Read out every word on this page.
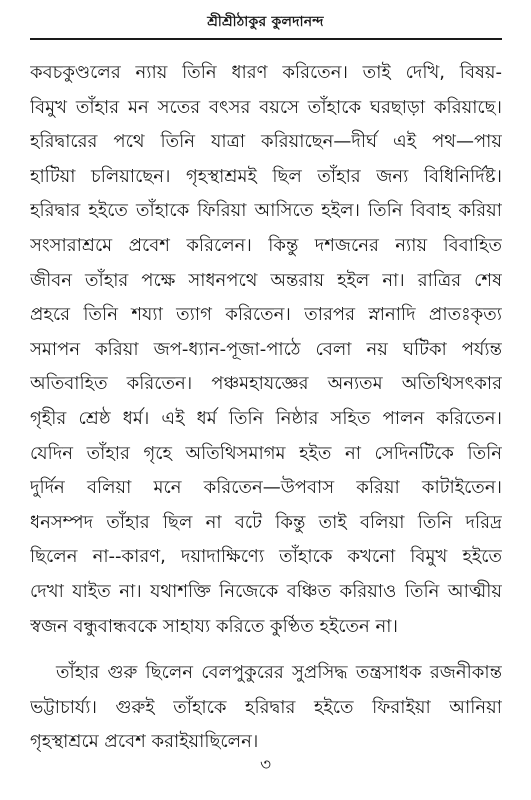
শ্রীশ্রীঠাকুর কুলদানন্দ
কবচকুণ্ডলের ন্যায় তিনি ধারণ করিতেন। তাই দেখি, বিষয়-
বিমুখ তাঁহার মন সতের বৎসর বয়সে তাঁহাকে ঘরছাড়া করিয়াছে।
হরিদ্বারের পথে তিনি যাত্রা করিয়াছেন—দীর্ঘ এই পথ—পায়
হাটিয়া চলিয়াছেন। গৃহস্থাশ্রমই ছিল তাঁহার জন্য বিধিনির্দিষ্ট।
হরিদ্বার হইতে তাঁহাকে ফিরিয়া আসিতে হইল। তিনি বিবাহ করিয়া
সংসারাশ্রমে প্রবেশ করিলেন। কিন্তু দশজনের ন্যায় বিবাহিত
জীবন তাঁহার পক্ষে সাধনপথে অন্তরায় হইল না। রাত্রির শেষ
প্রহরে তিনি শয্যা ত্যাগ করিতেন। তারপর স্নানাদি প্রাতঃকৃত্য
সমাপন করিয়া জপ-ধ্যান-পূজা-পাঠে বেলা নয় ঘটিকা পর্য্যন্ত
অতিবাহিত করিতেন। পঞ্চমহাযজ্ঞের অন্যতম অতিথিসৎকার
গৃহীর শ্রেষ্ঠ ধর্ম। এই ধর্ম তিনি নিষ্ঠার সহিত পালন করিতেন।
যেদিন তাঁহার গৃহে অতিথিসমাগম হইত না সেদিনটিকে তিনি
দুর্দিন বলিয়া মনে করিতেন—উপবাস করিয়া কাটাইতেন।
ধনসম্পদ তাঁহার ছিল না বটে কিন্তু তাই বলিয়া তিনি দরিদ্র
ছিলেন না--কারণ, দয়াদাক্ষিণ্যে তাঁহাকে কখনো বিমুখ হইতে
দেখা যাইত না। যথাশক্তি নিজেকে বঞ্চিত করিয়াও তিনি আত্মীয়
স্বজন বন্ধুবান্ধবকে সাহায্য করিতে কুণ্ঠিত হইতেন না।
তাঁহার গুরু ছিলেন বেলপুকুরের সুপ্রসিদ্ধ তন্ত্রসাধক রজনীকান্ত
ভট্টাচার্য্য। গুরুই তাঁহাকে হরিদ্বার হইতে ফিরাইয়া আনিয়া
গৃহস্থাশ্রমে প্রবেশ করাইয়াছিলেন।
৩
